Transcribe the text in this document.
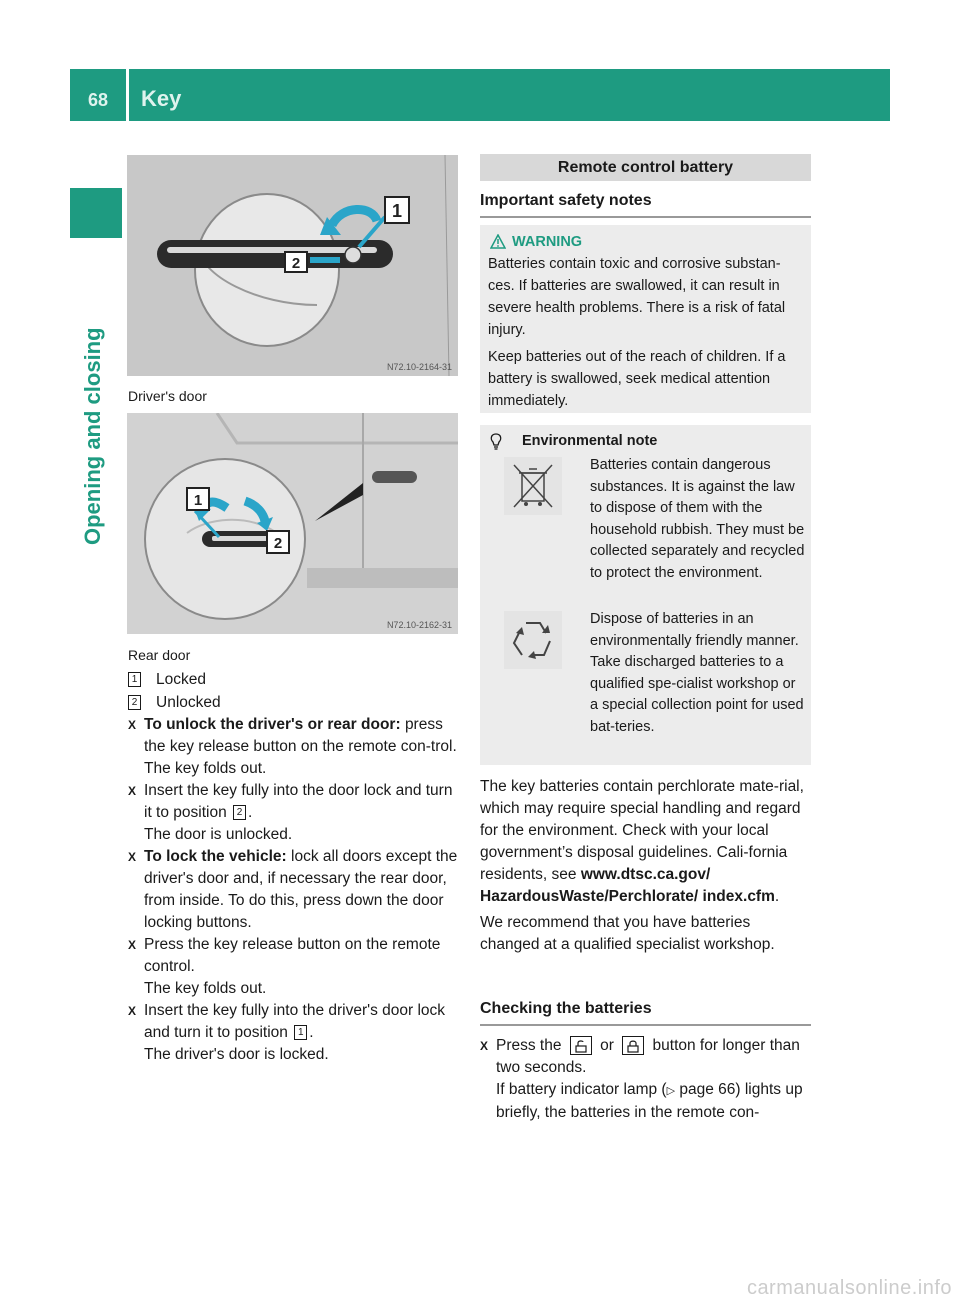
68 Key
Opening and closing
1
2
N72.10-2164-31
Driver's door
1
2
N72.10-2162-31
Rear door
1 Locked
2 Unlocked
X To unlock the driver's or rear door: press the key release button on the remote con-trol.

The key folds out.

X Insert the key fully into the door lock and turn it to position 2 .

The door is unlocked.

X To lock the vehicle: lock all doors except the driver's door and, if necessary the rear door, from inside. To do this, press down the door locking buttons.

X Press the key release button on the remote control.

The key folds out.

X Insert the key fully into the driver's door lock and turn it to position 1 .

The driver's door is locked.

Remote control battery
Important safety notes
WARNING

Batteries contain toxic and corrosive substan-ces. If batteries are swallowed, it can result in severe health problems. There is a risk of fatal injury.

Keep batteries out of the reach of children. If a battery is swallowed, seek medical attention immediately.

Environmental note
Batteries contain dangerous substances. It is against the law to dispose of them with the household rubbish. They must be collected separately and recycled to protect the environment.
Dispose of batteries in an environmentally friendly manner. Take discharged batteries to a qualified spe-cialist workshop or a special collection point for used bat-teries.

The key batteries contain perchlorate mate-rial, which may require special handling and regard for the environment. Check with your local government’s disposal guidelines. Cali-fornia residents, see www.dtsc.ca.gov/ HazardousWaste/Perchlorate/ index.cfm.

We recommend that you have batteries changed at a qualified specialist workshop.

Checking the batteries
X Press the or button for longer than two seconds.

If battery indicator lamp (▷ page 66) lights up briefly, the batteries in the remote con-

carmanualsonline.info
